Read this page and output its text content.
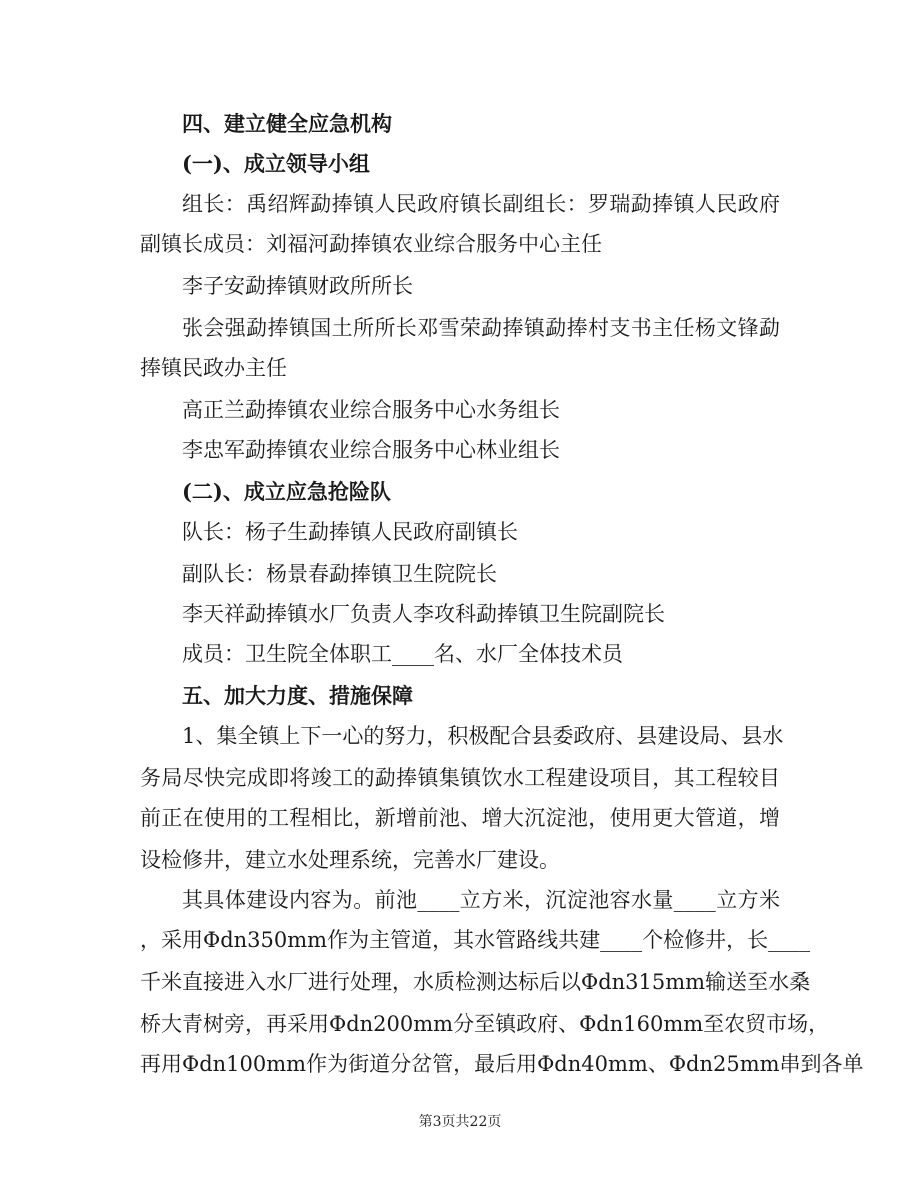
四、建立健全应急机构
(一)、成立领导小组
组长：禹绍辉勐捧镇人民政府镇长副组长：罗瑞勐捧镇人民政府
副镇长成员：刘福河勐捧镇农业综合服务中心主任
李子安勐捧镇财政所所长
张会强勐捧镇国土所所长邓雪荣勐捧镇勐捧村支书主任杨文锋勐
捧镇民政办主任
高正兰勐捧镇农业综合服务中心水务组长
李忠军勐捧镇农业综合服务中心林业组长
(二)、成立应急抢险队
队长：杨子生勐捧镇人民政府副镇长
副队长：杨景春勐捧镇卫生院院长
李天祥勐捧镇水厂负责人李攻科勐捧镇卫生院副院长
成员：卫生院全体职工____名、水厂全体技术员
五、加大力度、措施保障
1、集全镇上下一心的努力，积极配合县委政府、县建设局、县水
务局尽快完成即将竣工的勐捧镇集镇饮水工程建设项目，其工程较目
前正在使用的工程相比，新增前池、增大沉淀池，使用更大管道，增
设检修井，建立水处理系统，完善水厂建设。
其具体建设内容为。前池____立方米，沉淀池容水量____立方米
，采用Φdn350mm作为主管道，其水管路线共建____个检修井，长____
千米直接进入水厂进行处理，水质检测达标后以Φdn315mm输送至水桑
桥大青树旁，再采用Φdn200mm分至镇政府、Φdn160mm至农贸市场，
再用Φdn100mm作为街道分岔管，最后用Φdn40mm、Φdn25mm串到各单
第3页共22页
